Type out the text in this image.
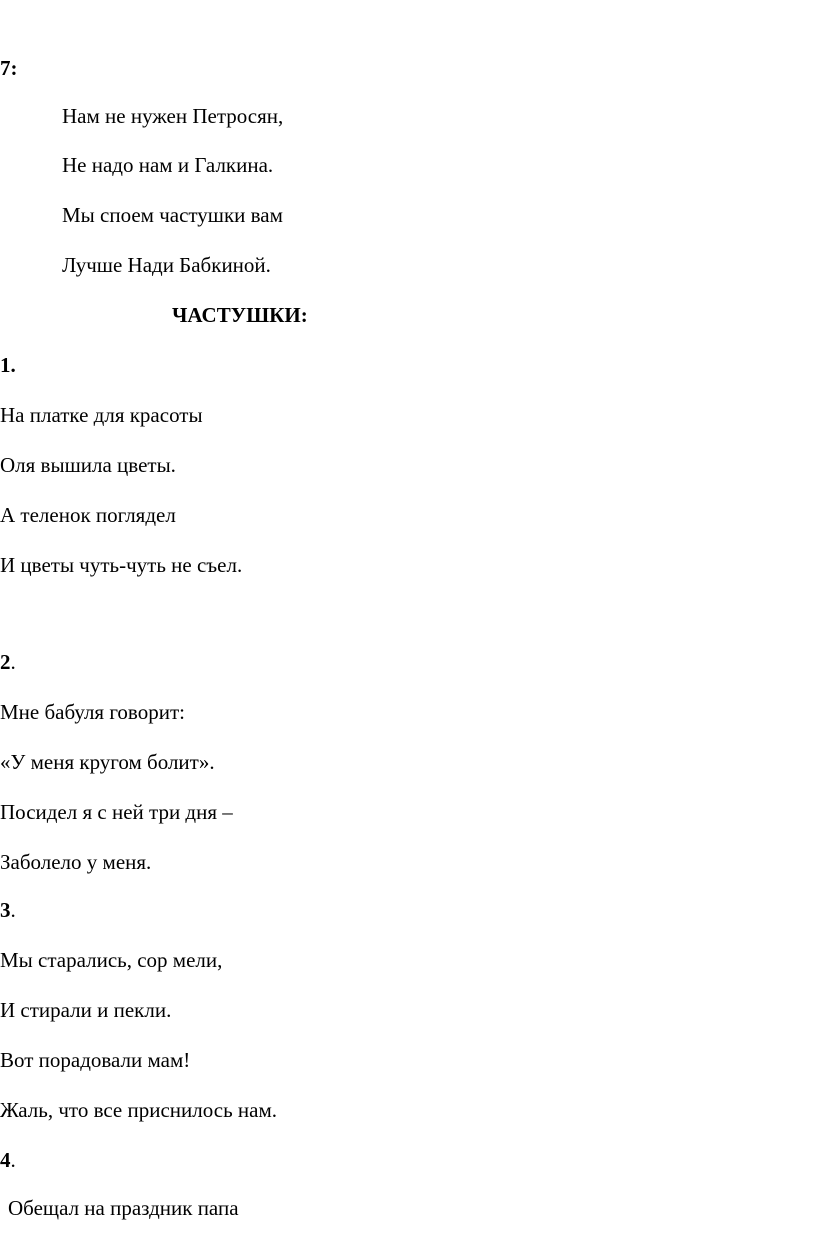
7:
Нам не нужен Петросян,
Не надо нам и Галкина.
Мы споем частушки вам
Лучше Нади Бабкиной.
ЧАСТУШКИ:
1.
На платке для красоты
Оля вышила цветы.
А теленок поглядел
И цветы чуть-чуть не съел.
2.
Мне бабуля говорит:
«У меня кругом болит».
Посидел я с ней три дня –
Заболело у меня.
3.
Мы старались, сор мели,
И стирали и пекли.
Вот порадовали мам!
Жаль, что все приснилось нам.
4.
Обещал на праздник папа
